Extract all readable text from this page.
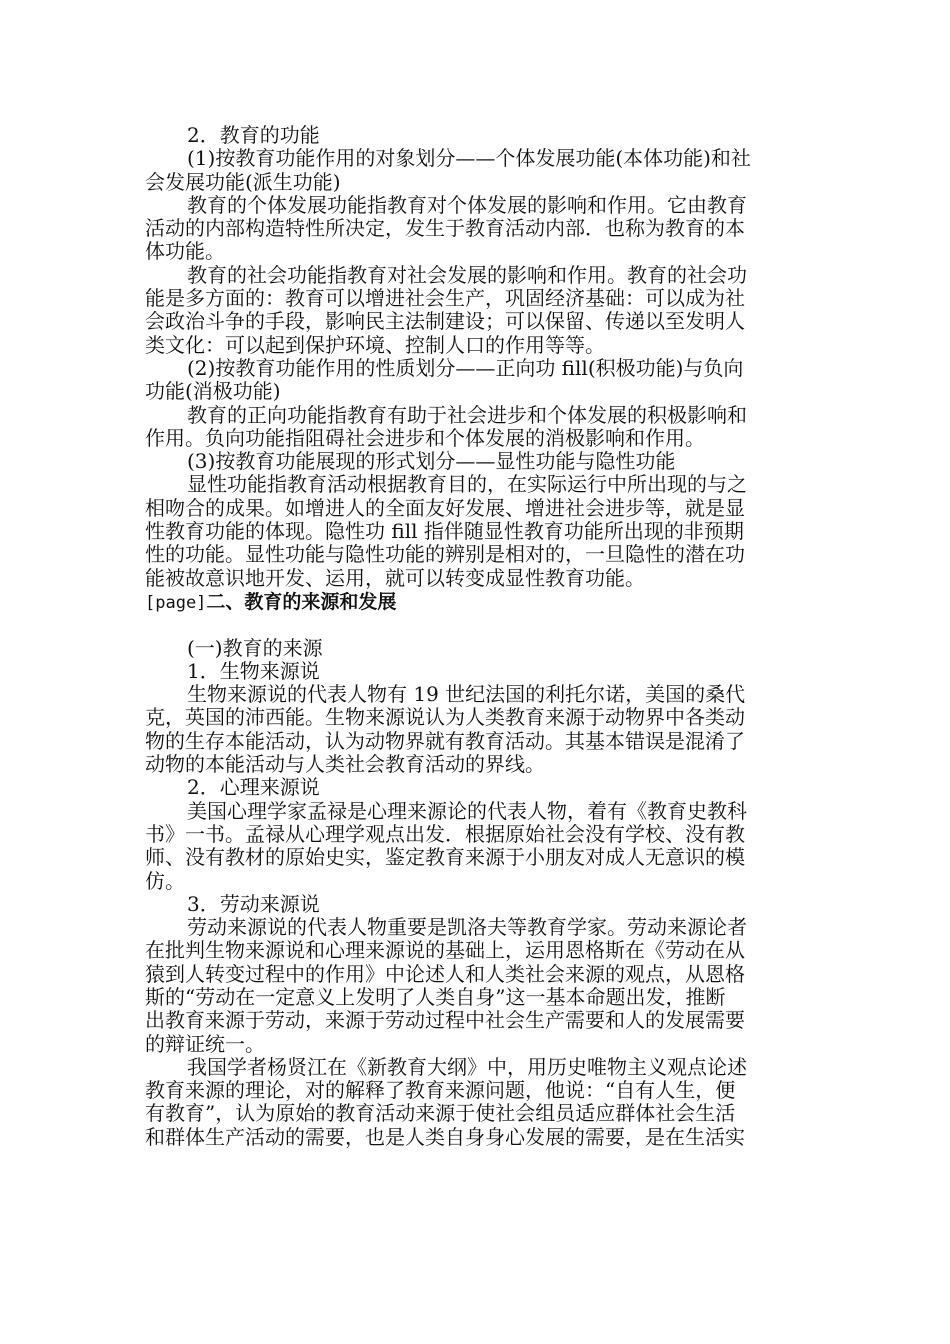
2．教育的功能
(1)按教育功能作用的对象划分——个体发展功能(本体功能)和社
会发展功能(派生功能)
教育的个体发展功能指教育对个体发展的影响和作用。它由教育
活动的内部构造特性所决定，发生于教育活动内部．也称为教育的本
体功能。
教育的社会功能指教育对社会发展的影响和作用。教育的社会功
能是多方面的：教育可以增进社会生产，巩固经济基础：可以成为社
会政治斗争的手段，影响民主法制建设；可以保留、传递以至发明人
类文化：可以起到保护环境、控制人口的作用等等。
(2)按教育功能作用的性质划分——正向功 fill(积极功能)与负向
功能(消极功能)
教育的正向功能指教育有助于社会进步和个体发展的积极影响和
作用。负向功能指阻碍社会进步和个体发展的消极影响和作用。
(3)按教育功能展现的形式划分——显性功能与隐性功能
显性功能指教育活动根据教育目的，在实际运行中所出现的与之
相吻合的成果。如增进人的全面友好发展、增进社会进步等，就是显
性教育功能的体现。隐性功 fill 指伴随显性教育功能所出现的非预期
性的功能。显性功能与隐性功能的辨别是相对的，一旦隐性的潜在功
能被故意识地开发、运用，就可以转变成显性教育功能。
[page]二、教育的来源和发展
(一)教育的来源
1．生物来源说
生物来源说的代表人物有 19 世纪法国的利托尔诺，美国的桑代
克，英国的沛西能。生物来源说认为人类教育来源于动物界中各类动
物的生存本能活动，认为动物界就有教育活动。其基本错误是混淆了
动物的本能活动与人类社会教育活动的界线。
2．心理来源说
美国心理学家孟禄是心理来源论的代表人物，着有《教育史教科
书》一书。孟禄从心理学观点出发．根据原始社会没有学校、没有教
师、没有教材的原始史实，鉴定教育来源于小朋友对成人无意识的模
仿。
3．劳动来源说
劳动来源说的代表人物重要是凯洛夫等教育学家。劳动来源论者
在批判生物来源说和心理来源说的基础上，运用恩格斯在《劳动在从
猿到人转变过程中的作用》中论述人和人类社会来源的观点，从恩格
斯的“劳动在一定意义上发明了人类自身”这一基本命题出发，推断
出教育来源于劳动，来源于劳动过程中社会生产需要和人的发展需要
的辩证统一。
我国学者杨贤江在《新教育大纲》中，用历史唯物主义观点论述
教育来源的理论，对的解释了教育来源问题，他说：“自有人生，便
有教育”，认为原始的教育活动来源于使社会组员适应群体社会生活
和群体生产活动的需要，也是人类自身身心发展的需要，是在生活实
